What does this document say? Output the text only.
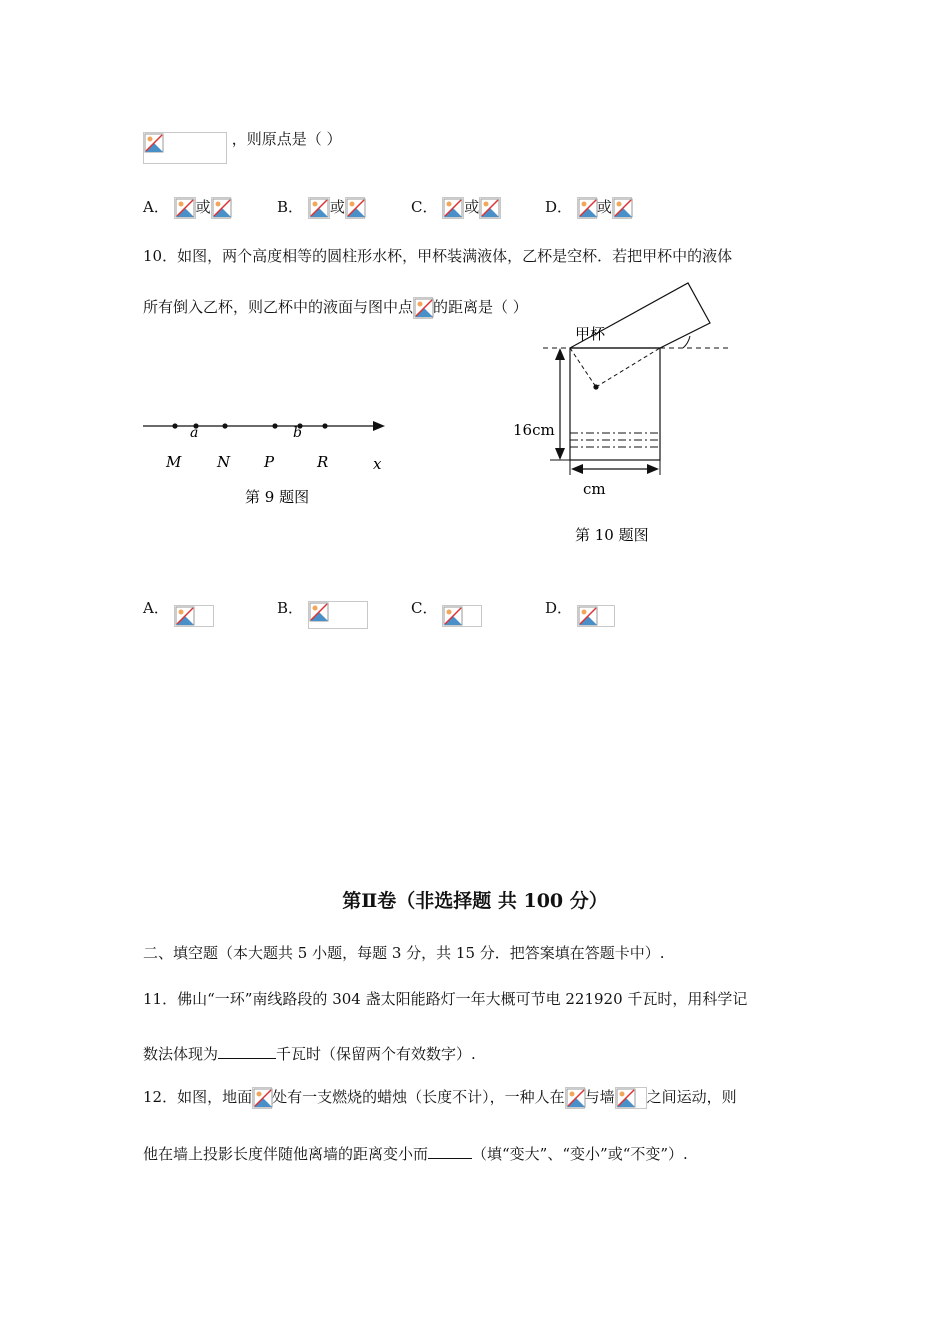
，则原点是（ ）
A． 或	B． 或	C． 或	D． 或
10．如图，两个高度相等的圆柱形水杯，甲杯装满液体，乙杯是空杯．若把甲杯中的液体
所有倒入乙杯，则乙杯中的液面与图中点 的距离是（ ）
a	b
M N P	R	x
第 9 题图
甲杯
16cm
cm
第 10 题图
A．	B．	C．	D．
第Ⅱ卷（非选择题 共 100 分）
二、填空题（本大题共 5 小题，每题 3 分，共 15 分．把答案填在答题卡中）.
11．佛山“一环”南线路段的 304 盏太阳能路灯一年大概可节电 221920 千瓦时，用科学记
数法体现为	千瓦时（保留两个有效数字）.
12．如图，地面 处有一支燃烧的蜡烛（长度不计），一种人在 与墙 之间运动，则
他在墙上投影长度伴随他离墙的距离变小而	（填“变大”、“变小”或“不变”）.
